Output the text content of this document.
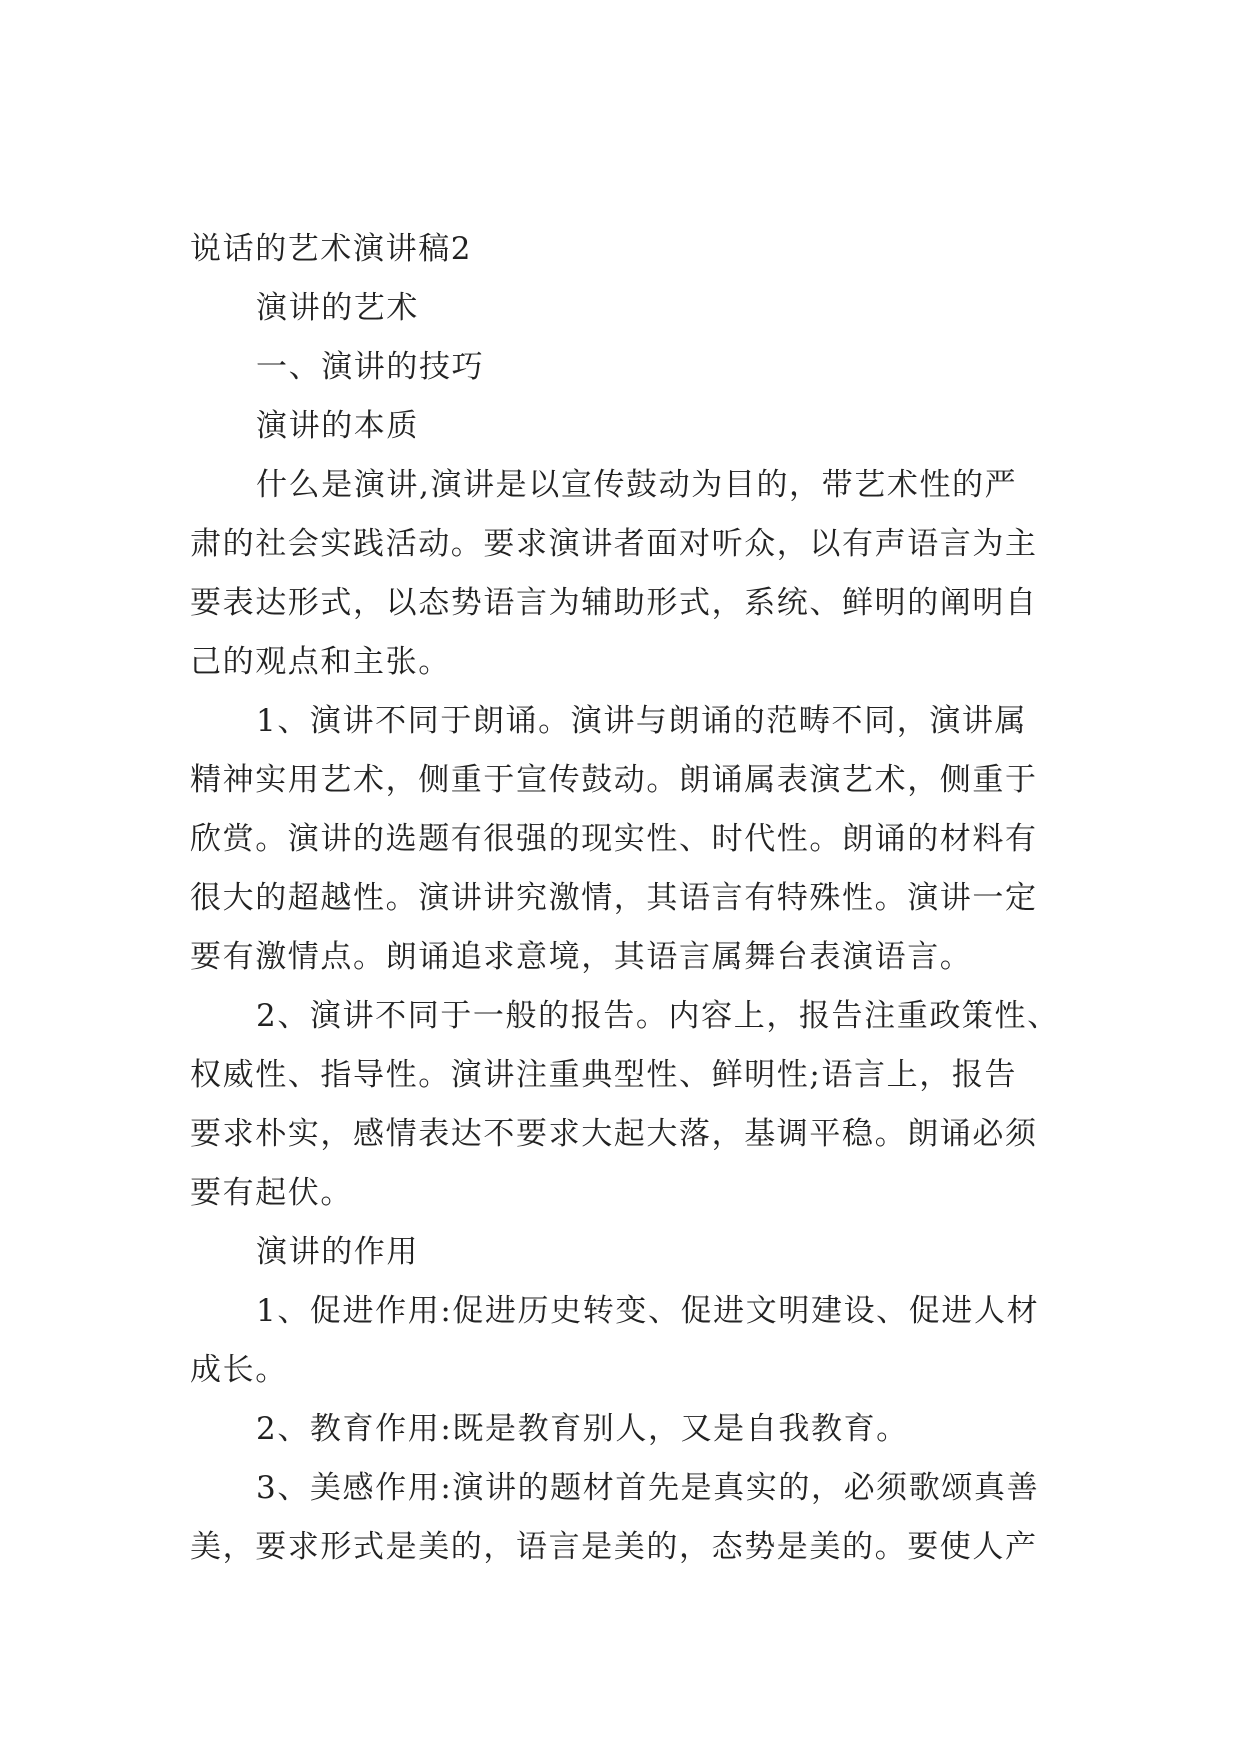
说话的艺术演讲稿2
演讲的艺术
一、演讲的技巧
演讲的本质
什么是演讲,演讲是以宣传鼓动为目的，带艺术性的严
肃的社会实践活动。要求演讲者面对听众，以有声语言为主
要表达形式，以态势语言为辅助形式，系统、鲜明的阐明自
己的观点和主张。
1、演讲不同于朗诵。演讲与朗诵的范畴不同，演讲属
精神实用艺术，侧重于宣传鼓动。朗诵属表演艺术，侧重于
欣赏。演讲的选题有很强的现实性、时代性。朗诵的材料有
很大的超越性。演讲讲究激情，其语言有特殊性。演讲一定
要有激情点。朗诵追求意境，其语言属舞台表演语言。
2、演讲不同于一般的报告。内容上，报告注重政策性、
权威性、指导性。演讲注重典型性、鲜明性;语言上，报告
要求朴实，感情表达不要求大起大落，基调平稳。朗诵必须
要有起伏。
演讲的作用
1、促进作用:促进历史转变、促进文明建设、促进人材
成长。
2、教育作用:既是教育别人，又是自我教育。
3、美感作用:演讲的题材首先是真实的，必须歌颂真善
美，要求形式是美的，语言是美的，态势是美的。要使人产
